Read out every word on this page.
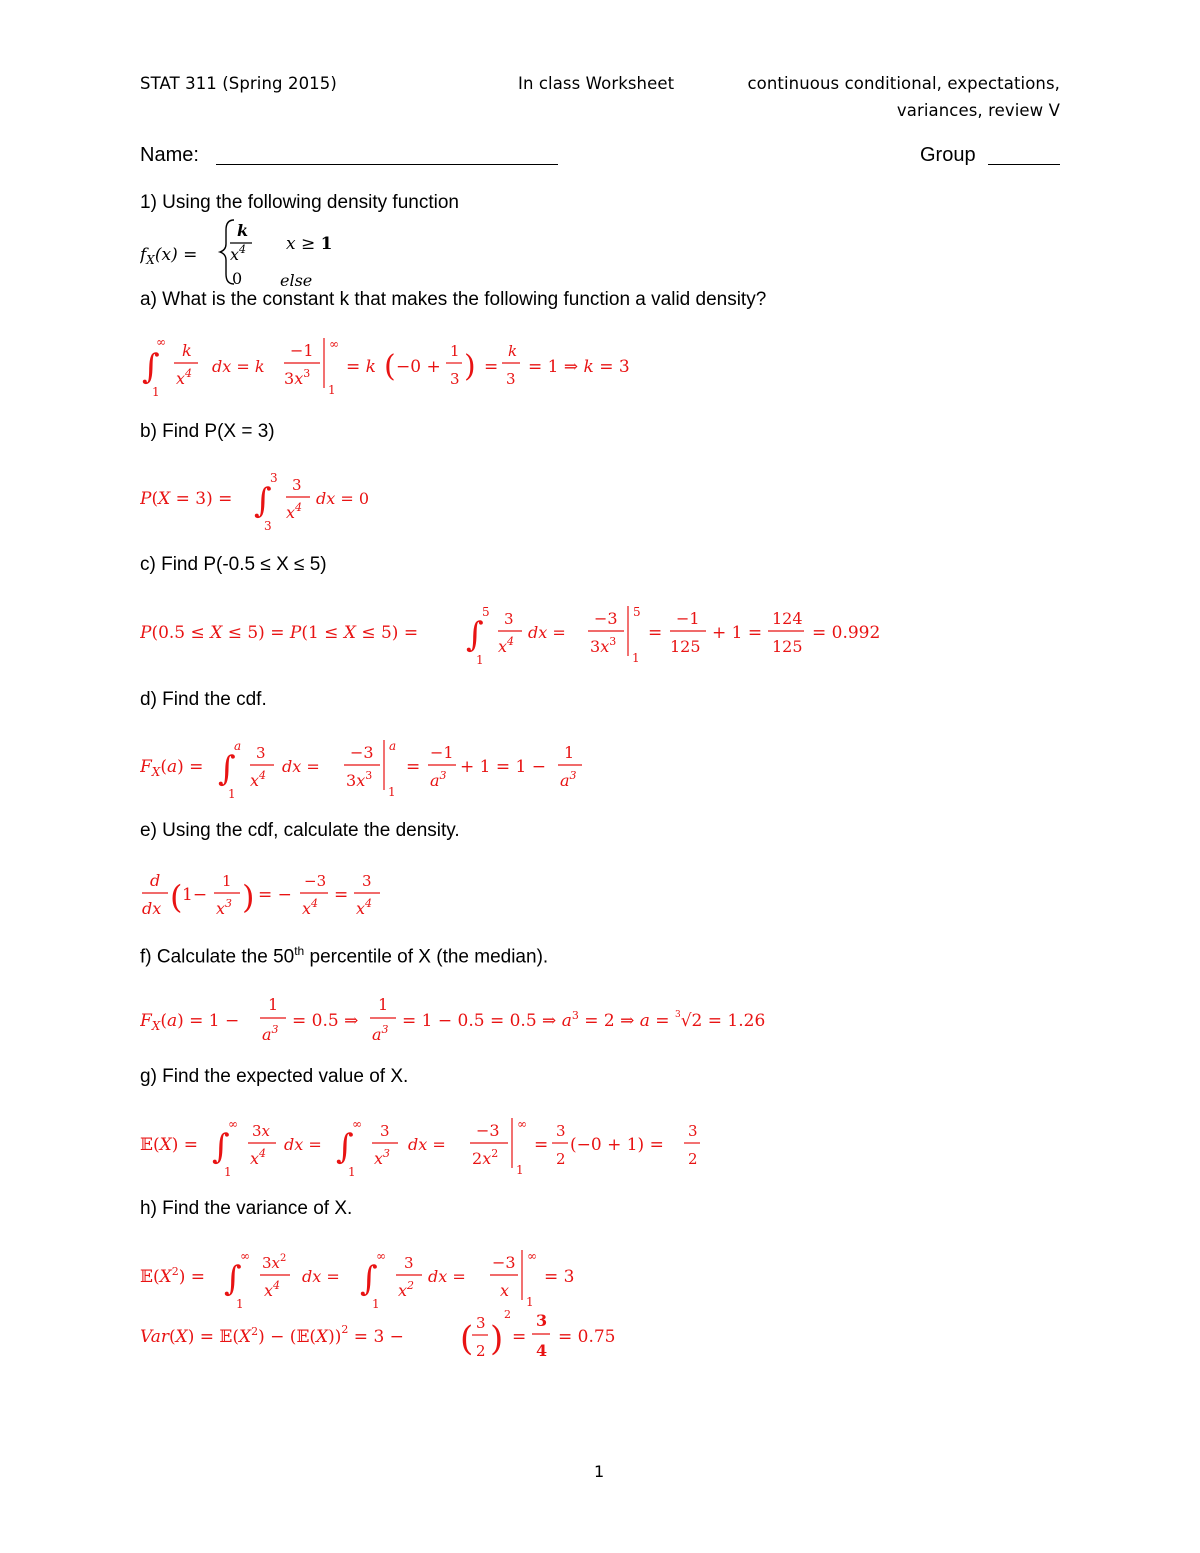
STAT 311 (Spring 2015)	In class Worksheet	continuous conditional, expectations,
variances, review V
Name:	Group
1) Using the following density function
a) What is the constant k that makes the following function a valid density?
b) Find P(X = 3)
c) Find P(-0.5 ≤ X ≤ 5)
d) Find the cdf.
e) Using the cdf, calculate the density.
f) Calculate the 50th percentile of X (the median).
g) Find the expected value of X.
h) Find the variance of X.
$f_X(x)$ =
k
$x^4$ x ≥ 1
0 else
∫
∞
1
k
$x^4$ dx = k
−1
$3x^3$
∞
1
= k ( −0 +
1
3 ) =
k
3
= 1 ⇒ k = 3
P(X = 3) = ∫
3
3
3
$x^4$ dx = 0
P(0.5 ≤ X ≤ 5) = P(1 ≤ X ≤ 5) = ∫
5
1
3
$x^4$ dx =
−3
$3x^3$
5
1
=
−1
125
+ 1 =
124
125
= 0.992
$F_X(a)$ = ∫
a
1
3
$x^4$ dx =
−3
$3x^3$
a
1
=
−1
$a^3 + 1 = 1$ −
1
$a^3$
d
dx ( 1−
1
$x^3$ ) = −
−3
$x^4$ =
3
$x^4$
$F_X(a) = 1$ −
1
$a^3 = 0.5$ ⇒
1
$a^3 = 1 - 0.5 = 0.5$ ⇒ $a^3 = 2$ ⇒ a = $^3$√2 = 1.26
𝔼(X) = ∫
∞
1
3x
$x^4$ dx = ∫
∞
1
3
$x^3$ dx =
−3
$2x^2$
∞
1
=
3
2
(−0 + 1) =
3
2
$𝔼(X^2)$ = ∫
∞
1
$3x^2$
$x^4$ dx = ∫
∞
1
3
$x^2$ dx =
−3
x
∞
1
= 3
$Var(X) = 𝔼(X^2)$ − (𝔼(X))$^2$ = 3 − ( 3
2 )
2
=
3
4
= 0.75
1
